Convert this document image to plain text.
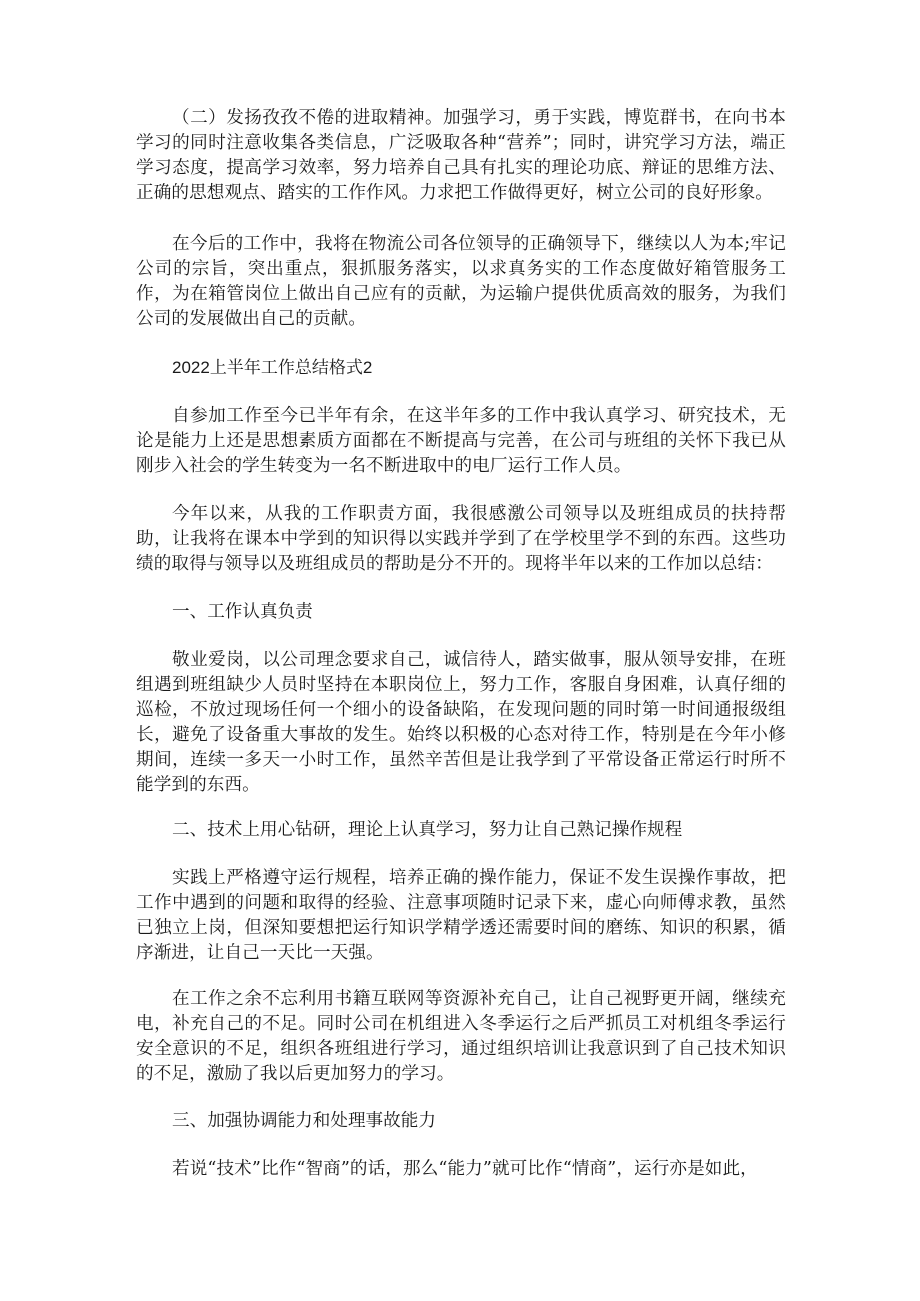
（二）发扬孜孜不倦的进取精神。加强学习，勇于实践，博览群书，在向书本学习的同时注意收集各类信息，广泛吸取各种“营养”；同时，讲究学习方法，端正学习态度，提高学习效率，努力培养自己具有扎实的理论功底、辩证的思维方法、正确的思想观点、踏实的工作作风。力求把工作做得更好，树立公司的良好形象。

在今后的工作中，我将在物流公司各位领导的正确领导下，继续以人为本;牢记公司的宗旨，突出重点，狠抓服务落实，以求真务实的工作态度做好箱管服务工作，为在箱管岗位上做出自己应有的贡献，为运输户提供优质高效的服务，为我们公司的发展做出自己的贡献。

2022上半年工作总结格式2

自参加工作至今已半年有余，在这半年多的工作中我认真学习、研究技术，无论是能力上还是思想素质方面都在不断提高与完善，在公司与班组的关怀下我已从刚步入社会的学生转变为一名不断进取中的电厂运行工作人员。

今年以来，从我的工作职责方面，我很感激公司领导以及班组成员的扶持帮助，让我将在课本中学到的知识得以实践并学到了在学校里学不到的东西。这些功绩的取得与领导以及班组成员的帮助是分不开的。现将半年以来的工作加以总结：

一、工作认真负责

敬业爱岗，以公司理念要求自己，诚信待人，踏实做事，服从领导安排，在班组遇到班组缺少人员时坚持在本职岗位上，努力工作，客服自身困难，认真仔细的巡检，不放过现场任何一个细小的设备缺陷，在发现问题的同时第一时间通报级组长，避免了设备重大事故的发生。始终以积极的心态对待工作，特别是在今年小修期间，连续一多天一小时工作，虽然辛苦但是让我学到了平常设备正常运行时所不能学到的东西。

二、技术上用心钻研，理论上认真学习，努力让自己熟记操作规程

实践上严格遵守运行规程，培养正确的操作能力，保证不发生误操作事故，把工作中遇到的问题和取得的经验、注意事项随时记录下来，虚心向师傅求教，虽然已独立上岗，但深知要想把运行知识学精学透还需要时间的磨练、知识的积累，循序渐进，让自己一天比一天强。

在工作之余不忘利用书籍互联网等资源补充自己，让自己视野更开阔，继续充电，补充自己的不足。同时公司在机组进入冬季运行之后严抓员工对机组冬季运行安全意识的不足，组织各班组进行学习，通过组织培训让我意识到了自己技术知识的不足，激励了我以后更加努力的学习。

三、加强协调能力和处理事故能力

若说“技术”比作“智商”的话，那么“能力”就可比作“情商”，运行亦是如此，
